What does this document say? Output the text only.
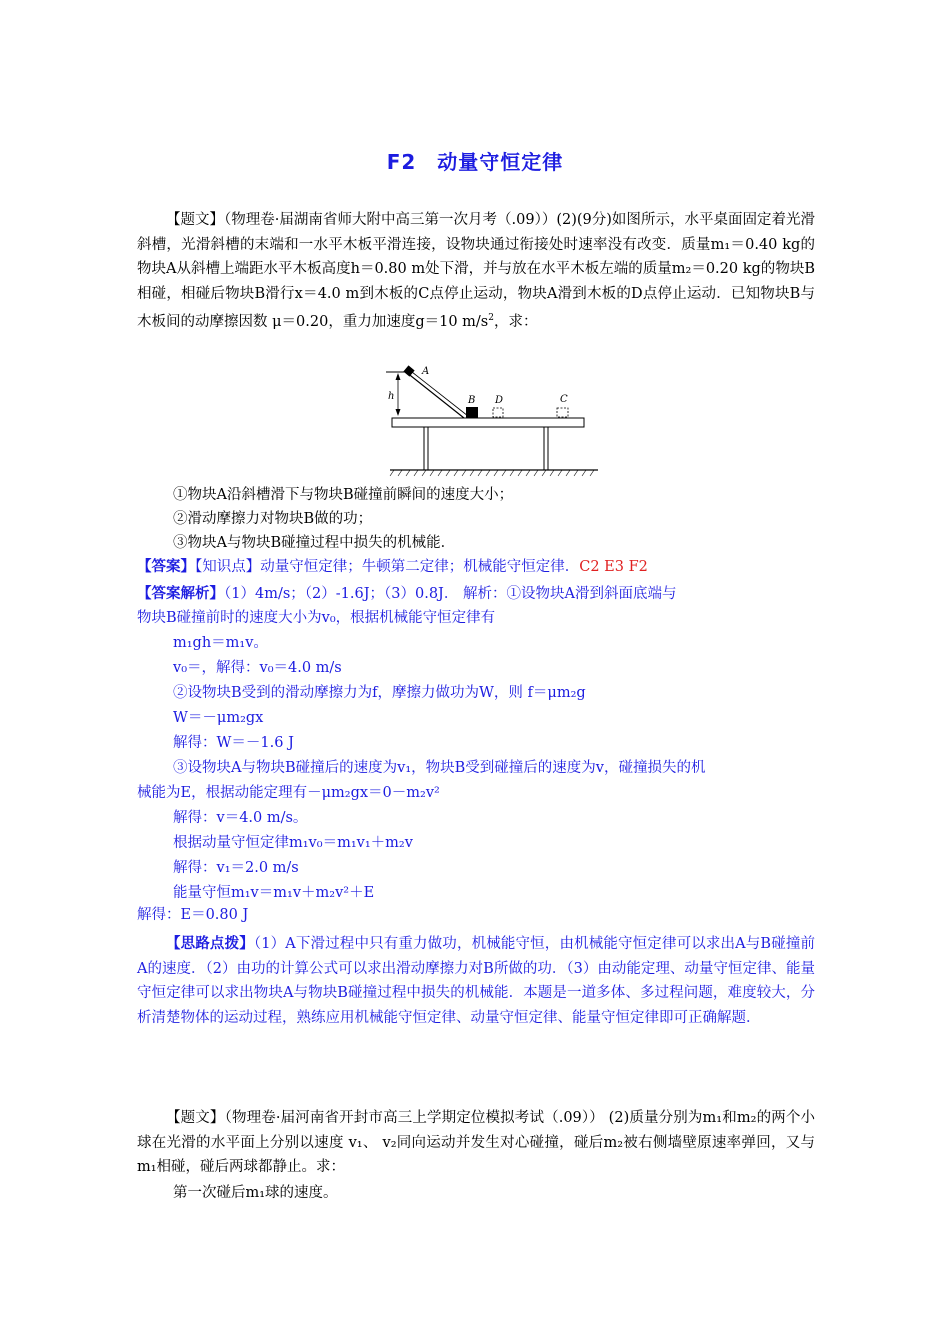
F2　动量守恒定律

【题文】（物理卷·届湖南省师大附中高三第一次月考（.09））(2)(9分)如图所示，水平桌面固定着光滑斜槽，光滑斜槽的末端和一水平木板平滑连接，设物块通过衔接处时速率没有改变．质量m₁＝0.40 kg的物块A从斜槽上端距水平木板高度h＝0.80 m处下滑，并与放在水平木板左端的质量m₂＝0.20 kg的物块B相碰，相碰后物块B滑行x＝4.0 m到木板的C点停止运动，物块A滑到木板的D点停止运动．已知物块B与木板间的动摩擦因数 μ＝0.20，重力加速度g＝10 $m/s^2$，求：

h
A
B D	C
①物块A沿斜槽滑下与物块B碰撞前瞬间的速度大小；
②滑动摩擦力对物块B做的功；
③物块A与物块B碰撞过程中损失的机械能．
【答案】【知识点】动量守恒定律；牛顿第二定律；机械能守恒定律．C2 E3 F2
【答案解析】（1）4m/s；（2）-1.6J；（3）0.8J． 解析：①设物块A滑到斜面底端与
物块B碰撞前时的速度大小为v₀，根据机械能守恒定律有
m₁gh＝m₁v。
v₀＝，解得：v₀＝4.0 m/s
②设物块B受到的滑动摩擦力为f，摩擦力做功为W，则 f＝μm₂g
W＝－μm₂gx
解得：W＝－1.6 J
③设物块A与物块B碰撞后的速度为v₁，物块B受到碰撞后的速度为v，碰撞损失的机
械能为E，根据动能定理有－μm₂gx＝0－m₂v²
解得：v＝4.0 m/s。
根据动量守恒定律m₁v₀＝m₁v₁＋m₂v
解得：v₁＝2.0 m/s
能量守恒m₁v＝m₁v＋m₂v²＋E
解得：E＝0.80 J

【思路点拨】（1）A下滑过程中只有重力做功，机械能守恒，由机械能守恒定律可以求出A与B碰撞前A的速度．（2）由功的计算公式可以求出滑动摩擦力对B所做的功．（3）由动能定理、动量守恒定律、能量守恒定律可以求出物块A与物块B碰撞过程中损失的机械能．本题是一道多体、多过程问题，难度较大，分析清楚物体的运动过程，熟练应用机械能守恒定律、动量守恒定律、能量守恒定律即可正确解题．

【题文】（物理卷·届河南省开封市高三上学期定位模拟考试（.09）） (2)质量分别为m₁和m₂的两个小球在光滑的水平面上分别以速度 v₁、 v₂同向运动并发生对心碰撞，碰后m₂被右侧墙壁原速率弹回，又与m₁相碰，碰后两球都静止。求：

第一次碰后m₁球的速度。
